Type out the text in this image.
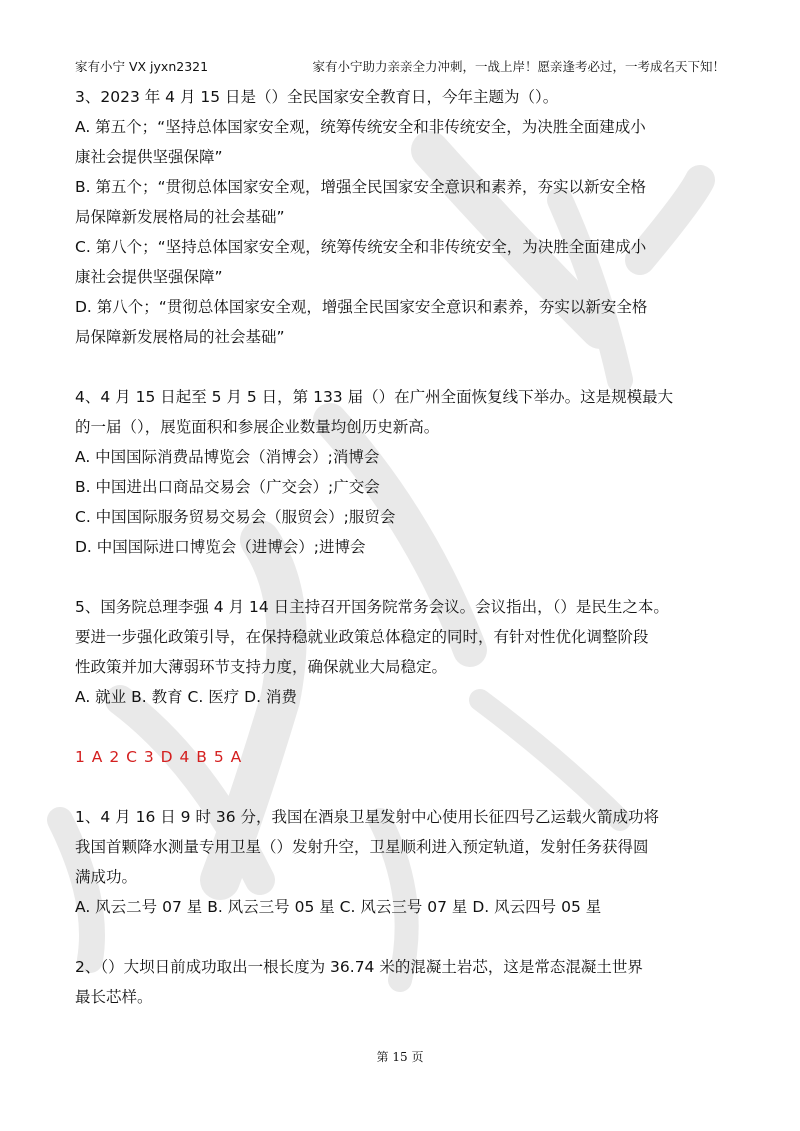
家有小宁 VX jyxn2321	家有小宁助力亲亲全力冲刺，一战上岸！愿亲逢考必过，一考成名天下知！

3、2023 年 4 月 15 日是（）全民国家安全教育日，今年主题为（）。

A. 第五个；“坚持总体国家安全观，统筹传统安全和非传统安全，为决胜全面建成小

康社会提供坚强保障”

B. 第五个；“贯彻总体国家安全观，增强全民国家安全意识和素养，夯实以新安全格

局保障新发展格局的社会基础”

C. 第八个；“坚持总体国家安全观，统筹传统安全和非传统安全，为决胜全面建成小

康社会提供坚强保障”

D. 第八个；“贯彻总体国家安全观，增强全民国家安全意识和素养，夯实以新安全格

局保障新发展格局的社会基础”

4、4 月 15 日起至 5 月 5 日，第 133 届（）在广州全面恢复线下举办。这是规模最大

的一届（），展览面积和参展企业数量均创历史新高。

A. 中国国际消费品博览会（消博会）;消博会

B. 中国进出口商品交易会（广交会）;广交会

C. 中国国际服务贸易交易会（服贸会）;服贸会

D. 中国国际进口博览会（进博会）;进博会

5、国务院总理李强 4 月 14 日主持召开国务院常务会议。会议指出，（）是民生之本。

要进一步强化政策引导，在保持稳就业政策总体稳定的同时，有针对性优化调整阶段

性政策并加大薄弱环节支持力度，确保就业大局稳定。

A. 就业 B. 教育 C. 医疗 D. 消费

1 A 2 C 3 D 4 B 5 A

1、4 月 16 日 9 时 36 分，我国在酒泉卫星发射中心使用长征四号乙运载火箭成功将

我国首颗降水测量专用卫星（）发射升空，卫星顺利进入预定轨道，发射任务获得圆

满成功。

A. 风云二号 07 星 B. 风云三号 05 星 C. 风云三号 07 星 D. 风云四号 05 星

2、（）大坝日前成功取出一根长度为 36.74 米的混凝土岩芯，这是常态混凝土世界

最长芯样。

第 15 页
